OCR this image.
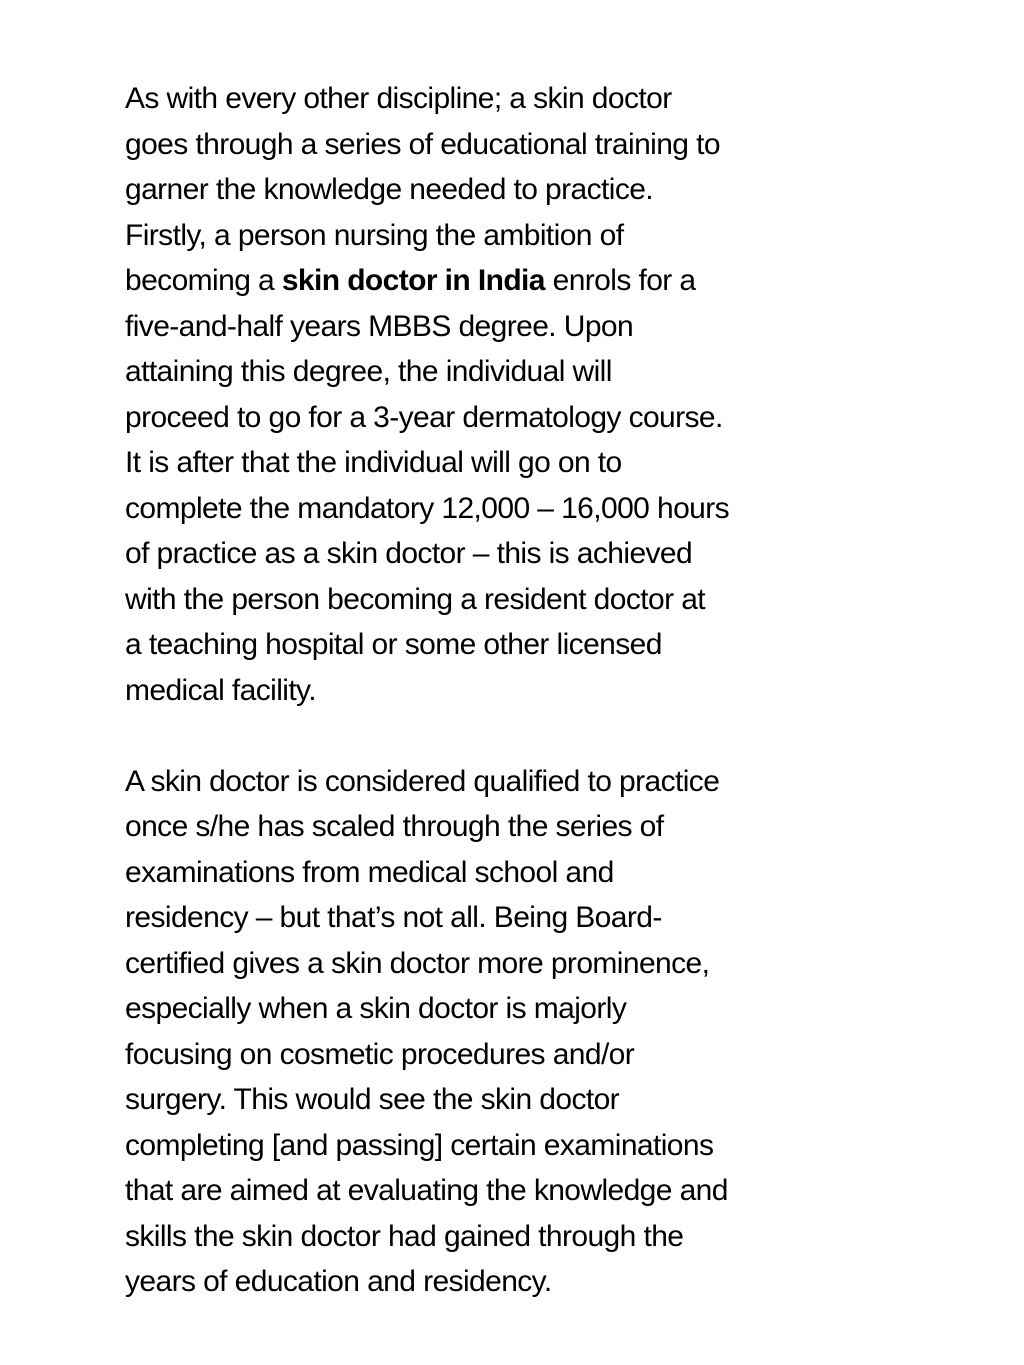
As with every other discipline; a skin doctor
goes through a series of educational training to
garner the knowledge needed to practice.
Firstly, a person nursing the ambition of
becoming a skin doctor in India enrols for a
five-and-half years MBBS degree. Upon
attaining this degree, the individual will
proceed to go for a 3-year dermatology course.
It is after that the individual will go on to
complete the mandatory 12,000 – 16,000 hours
of practice as a skin doctor – this is achieved
with the person becoming a resident doctor at
a teaching hospital or some other licensed
medical facility.
A skin doctor is considered qualified to practice
once s/he has scaled through the series of
examinations from medical school and
residency – but that’s not all. Being Board-
certified gives a skin doctor more prominence,
especially when a skin doctor is majorly
focusing on cosmetic procedures and/or
surgery. This would see the skin doctor
completing [and passing] certain examinations
that are aimed at evaluating the knowledge and
skills the skin doctor had gained through the
years of education and residency.
